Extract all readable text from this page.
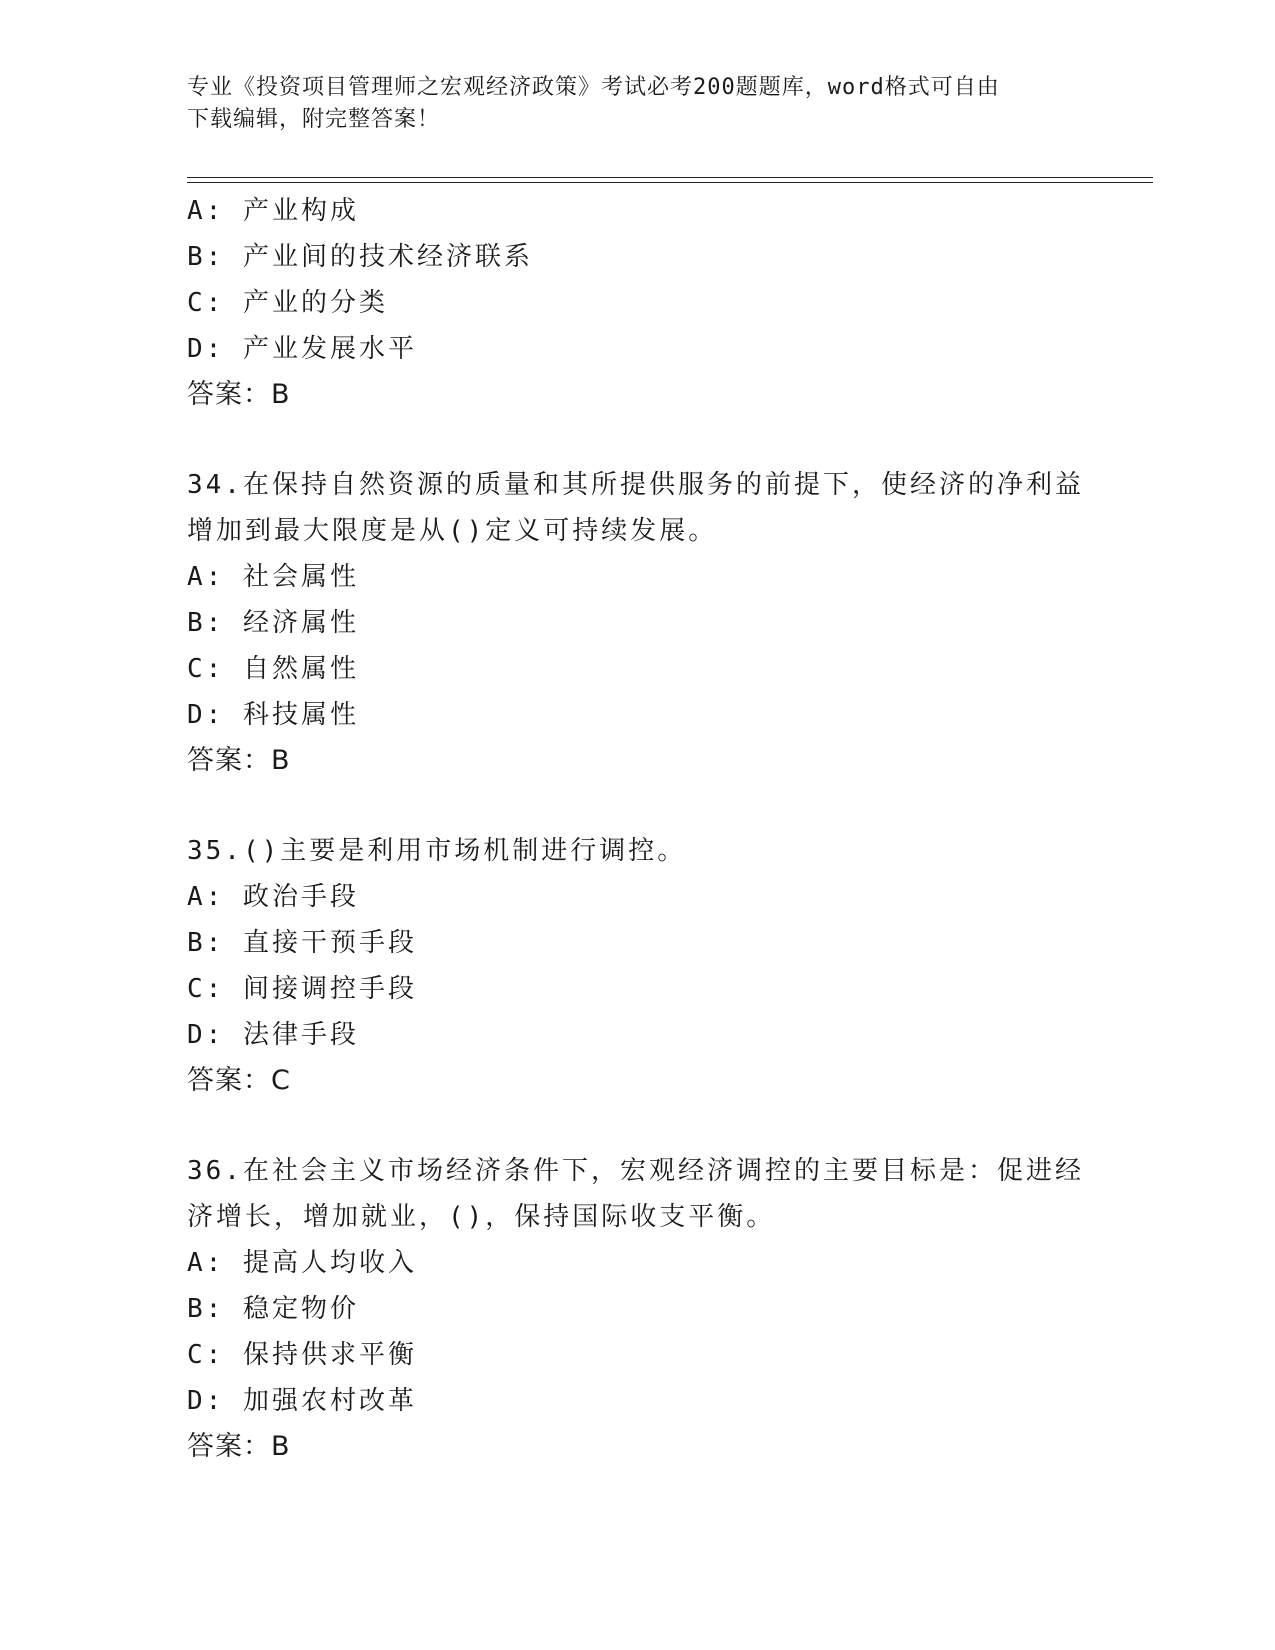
专业《投资项目管理师之宏观经济政策》考试必考200题题库，word格式可自由
下载编辑，附完整答案！
A: 产业构成
B: 产业间的技术经济联系
C: 产业的分类
D: 产业发展水平
答案：B
34.在保持自然资源的质量和其所提供服务的前提下，使经济的净利益
增加到最大限度是从()定义可持续发展。
A: 社会属性
B: 经济属性
C: 自然属性
D: 科技属性
答案：B
35.()主要是利用市场机制进行调控。
A: 政治手段
B: 直接干预手段
C: 间接调控手段
D: 法律手段
答案：C
36.在社会主义市场经济条件下，宏观经济调控的主要目标是：促进经
济增长，增加就业，()，保持国际收支平衡。
A: 提高人均收入
B: 稳定物价
C: 保持供求平衡
D: 加强农村改革
答案：B
